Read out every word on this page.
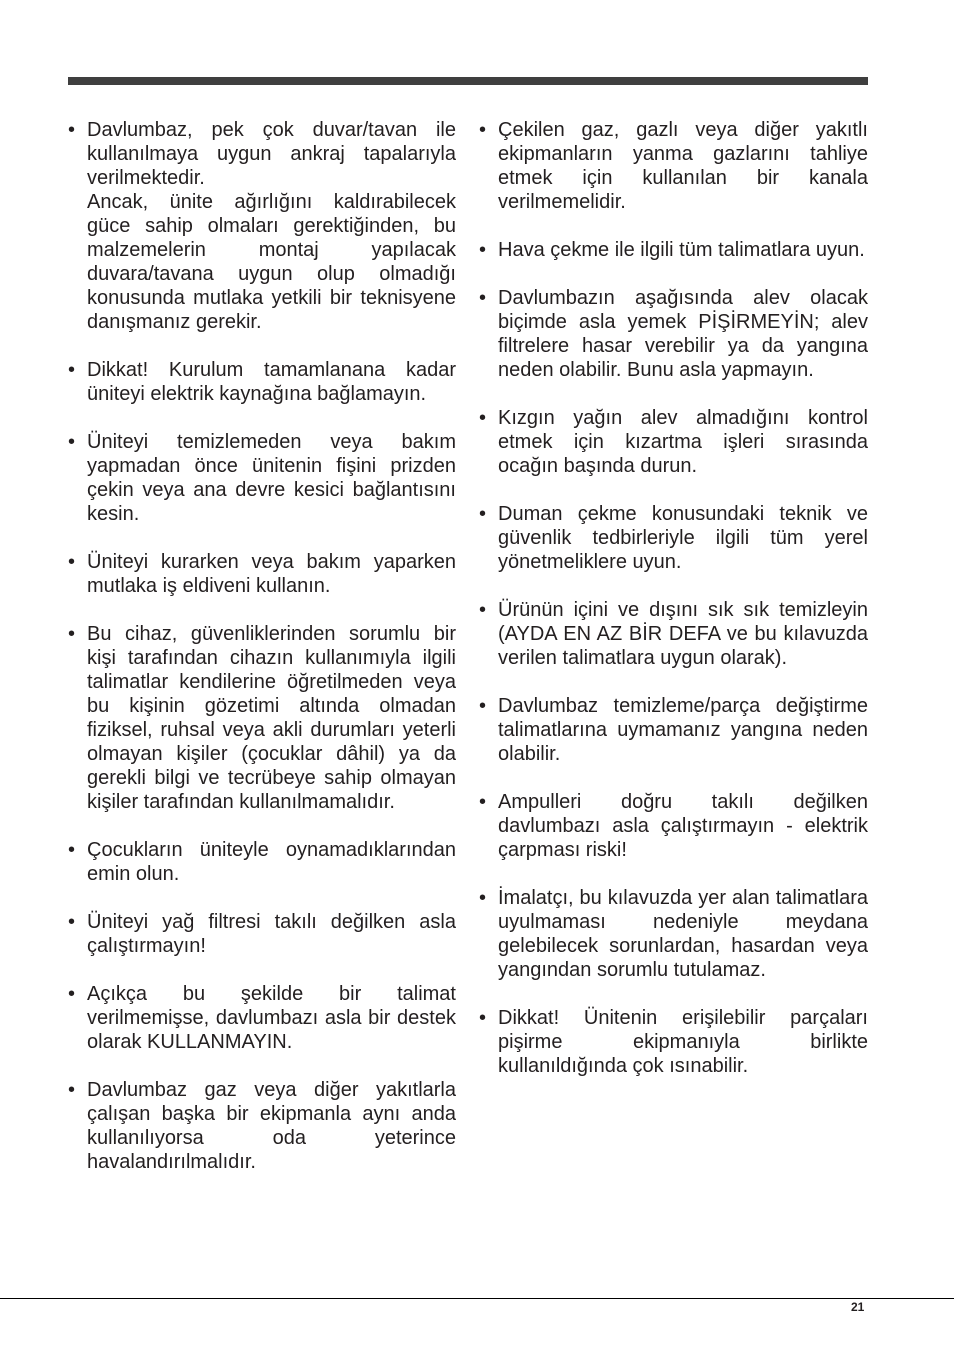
• Davlumbaz, pek çok duvar/tavan ile kullanılmaya uygun ankraj tapalarıyla verilmektedir.

Ancak, ünite ağırlığını kaldırabilecek güce sahip olmaları gerektiğinden, bu malzemelerin montaj yapılacak duvara/tavana uygun olup olmadığı konusunda mutlaka yetkili bir teknisyene danışmanız gerekir.

• Dikkat! Kurulum tamamlanana kadar üniteyi elektrik kaynağına bağlamayın.

• Üniteyi temizlemeden veya bakım yapmadan önce ünitenin fişini prizden çekin veya ana devre kesici bağlantısını kesin.

• Üniteyi kurarken veya bakım yaparken mutlaka iş eldiveni kullanın.

• Bu cihaz, güvenliklerinden sorumlu bir kişi tarafından cihazın kullanımıyla ilgili talimatlar kendilerine öğretilmeden veya bu kişinin gözetimi altında olmadan fiziksel, ruhsal veya akli durumları yeterli olmayan kişiler (çocuklar dâhil) ya da gerekli bilgi ve tecrübeye sahip olmayan kişiler tarafından kullanılmamalıdır.

• Çocukların üniteyle oynamadıklarından emin olun.

• Üniteyi yağ filtresi takılı değilken asla çalıştırmayın!

• Açıkça bu şekilde bir talimat verilmemişse, davlumbazı asla bir destek olarak KULLANMAYIN.

• Davlumbaz gaz veya diğer yakıtlarla çalışan başka bir ekipmanla aynı anda kullanılıyorsa oda yeterince havalandırılmalıdır.

• Çekilen gaz, gazlı veya diğer yakıtlı ekipmanların yanma gazlarını tahliye etmek için kullanılan bir kanala verilmemelidir.

• Hava çekme ile ilgili tüm talimatlara uyun.

• Davlumbazın aşağısında alev olacak biçimde asla yemek PİŞİRMEYİN; alev filtrelere hasar verebilir ya da yangına neden olabilir. Bunu asla yapmayın.

• Kızgın yağın alev almadığını kontrol etmek için kızartma işleri sırasında ocağın başında durun.

• Duman çekme konusundaki teknik ve güvenlik tedbirleriyle ilgili tüm yerel yönetmeliklere uyun.

• Ürünün içini ve dışını sık sık temizleyin (AYDA EN AZ BİR DEFA ve bu kılavuzda verilen talimatlara uygun olarak).

• Davlumbaz temizleme/parça değiştirme talimatlarına uymamanız yangına neden olabilir.

• Ampulleri doğru takılı değilken davlumbazı asla çalıştırmayın - elektrik çarpması riski!

• İmalatçı, bu kılavuzda yer alan talimatlara uyulmaması nedeniyle meydana gelebilecek sorunlardan, hasardan veya yangından sorumlu tutulamaz.

• Dikkat! Ünitenin erişilebilir parçaları pişirme ekipmanıyla birlikte kullanıldığında çok ısınabilir.

21
